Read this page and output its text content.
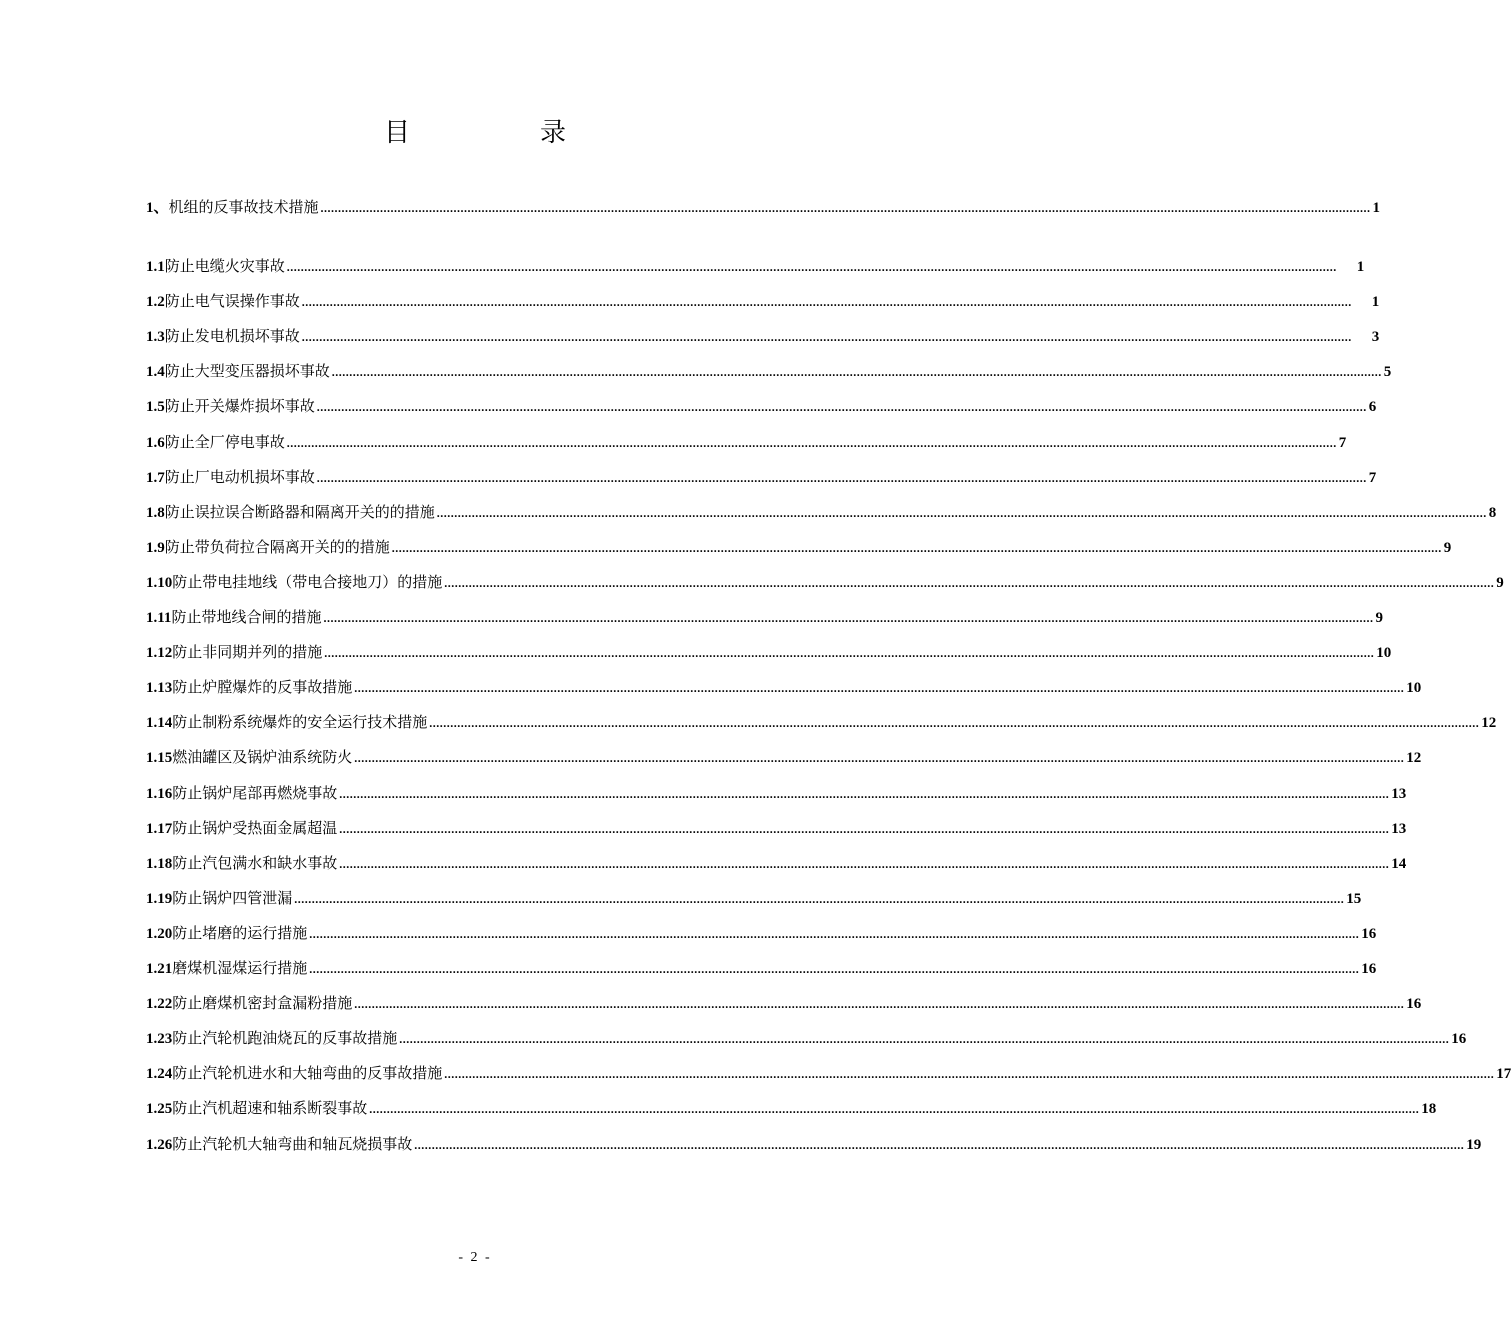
目　录
1、 机组的反事故技术措施 ............................................................................................................................................................................................................................................................................................................ 1
1.1 防止电缆火灾事故 ............................................................................................................................................................................................................................................................................................................ 1
1.2 防止电气误操作事故 ............................................................................................................................................................................................................................................................................................................ 1
1.3 防止发电机损坏事故 ............................................................................................................................................................................................................................................................................................................ 3
1.4 防止大型变压器损坏事故 ............................................................................................................................................................................................................................................................................................................ 5
1.5 防止开关爆炸损坏事故 ............................................................................................................................................................................................................................................................................................................ 6
1.6 防止全厂停电事故 ............................................................................................................................................................................................................................................................................................................ 7
1.7 防止厂电动机损坏事故 ............................................................................................................................................................................................................................................................................................................ 7
1.8 防止误拉误合断路器和隔离开关的的措施 ............................................................................................................................................................................................................................................................................................................ 8
1.9 防止带负荷拉合隔离开关的的措施 ............................................................................................................................................................................................................................................................................................................ 9
1.10 防止带电挂地线（带电合接地刀）的措施 ............................................................................................................................................................................................................................................................................................................ 9
1.11 防止带地线合闸的措施 ............................................................................................................................................................................................................................................................................................................ 9
1.12 防止非同期并列的措施 ............................................................................................................................................................................................................................................................................................................ 10
1.13 防止炉膛爆炸的反事故措施 ............................................................................................................................................................................................................................................................................................................ 10
1.14 防止制粉系统爆炸的安全运行技术措施 ............................................................................................................................................................................................................................................................................................................ 12
1.15 燃油罐区及锅炉油系统防火 ............................................................................................................................................................................................................................................................................................................ 12
1.16 防止锅炉尾部再燃烧事故 ............................................................................................................................................................................................................................................................................................................ 13
1.17 防止锅炉受热面金属超温 ............................................................................................................................................................................................................................................................................................................ 13
1.18 防止汽包满水和缺水事故 ............................................................................................................................................................................................................................................................................................................ 14
1.19 防止锅炉四管泄漏 ............................................................................................................................................................................................................................................................................................................ 15
1.20 防止堵磨的运行措施 ............................................................................................................................................................................................................................................................................................................ 16
1.21 磨煤机湿煤运行措施 ............................................................................................................................................................................................................................................................................................................ 16
1.22 防止磨煤机密封盒漏粉措施 ............................................................................................................................................................................................................................................................................................................ 16
1.23 防止汽轮机跑油烧瓦的反事故措施 ............................................................................................................................................................................................................................................................................................................ 16
1.24 防止汽轮机进水和大轴弯曲的反事故措施 ............................................................................................................................................................................................................................................................................................................ 17
1.25 防止汽机超速和轴系断裂事故 ............................................................................................................................................................................................................................................................................................................ 18
1.26 防止汽轮机大轴弯曲和轴瓦烧损事故 ............................................................................................................................................................................................................................................................................................................ 19
- 2 -
